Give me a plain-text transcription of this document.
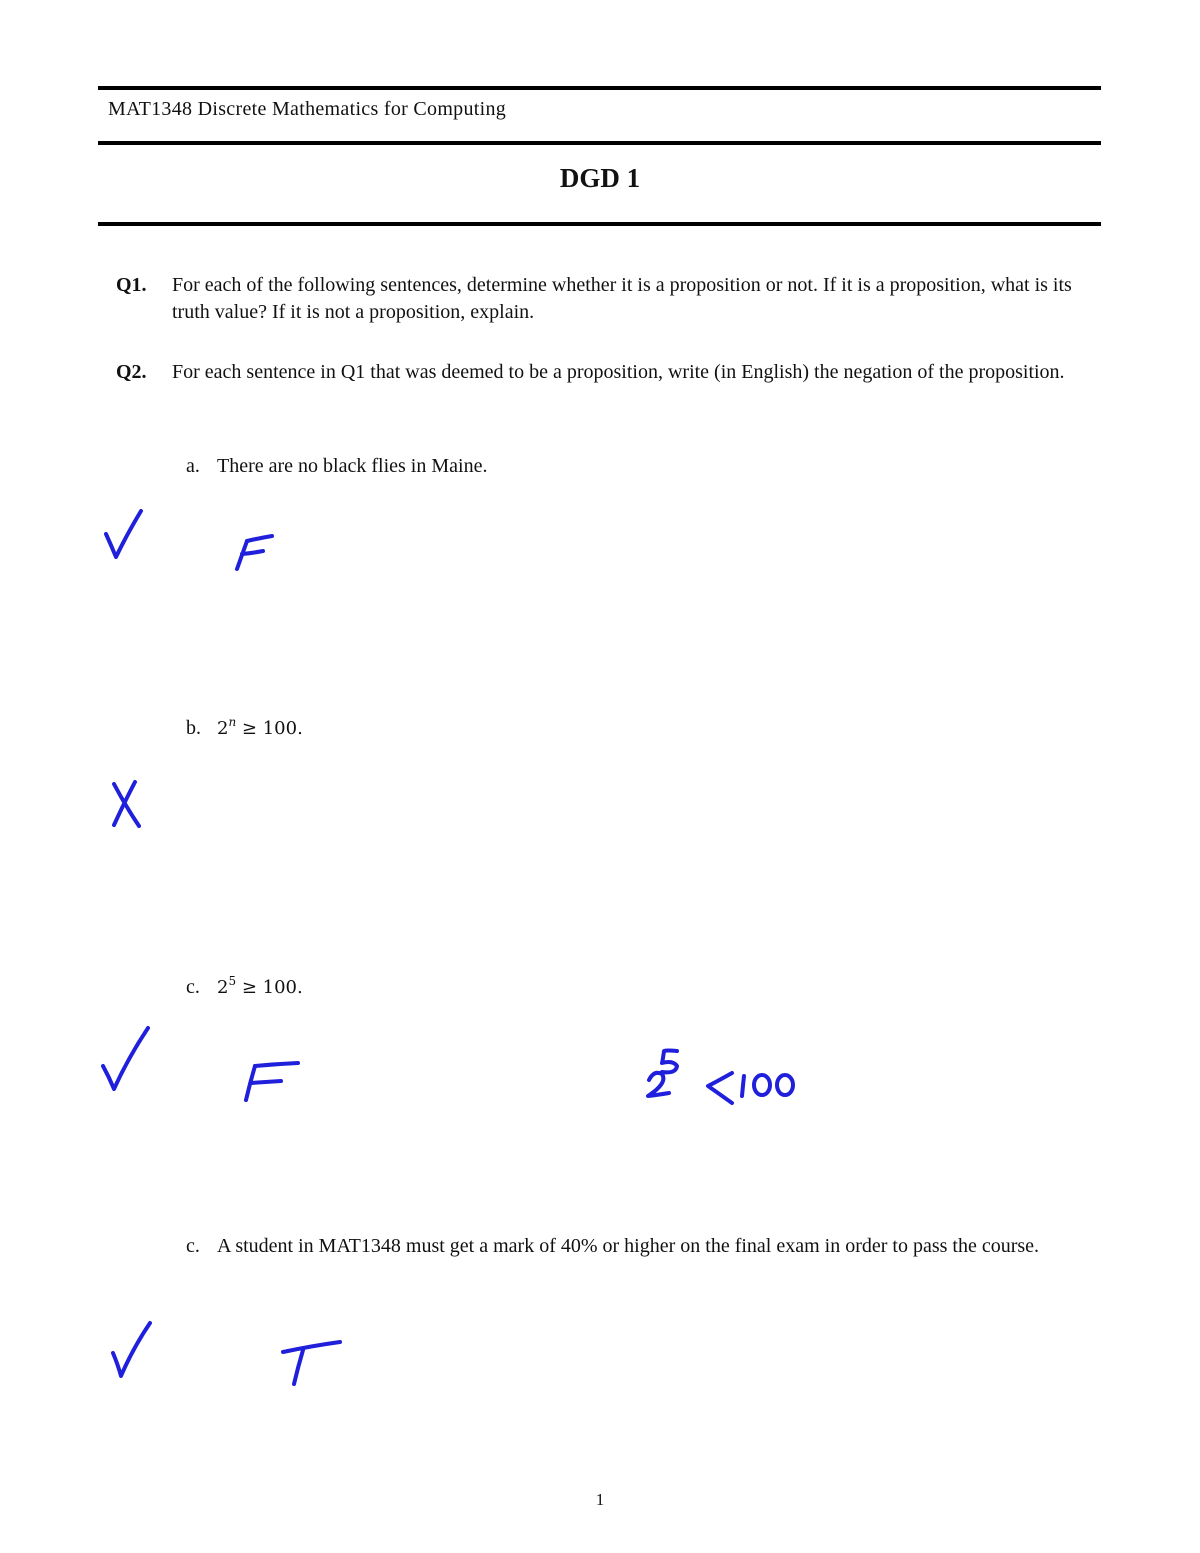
MAT1348 Discrete Mathematics for Computing
DGD 1
Q1. For each of the following sentences, determine whether it is a proposition or not. If it is a proposition, what is its truth value? If it is not a proposition, explain.
Q2. For each sentence in Q1 that was deemed to be a proposition, write (in English) the negation of the proposition.
a. There are no black flies in Maine.
b. $2^n \ge 100$.
c. $2^5 \ge 100$.
c. A student in MAT1348 must get a mark of 40% or higher on the final exam in order to pass the course.
1
